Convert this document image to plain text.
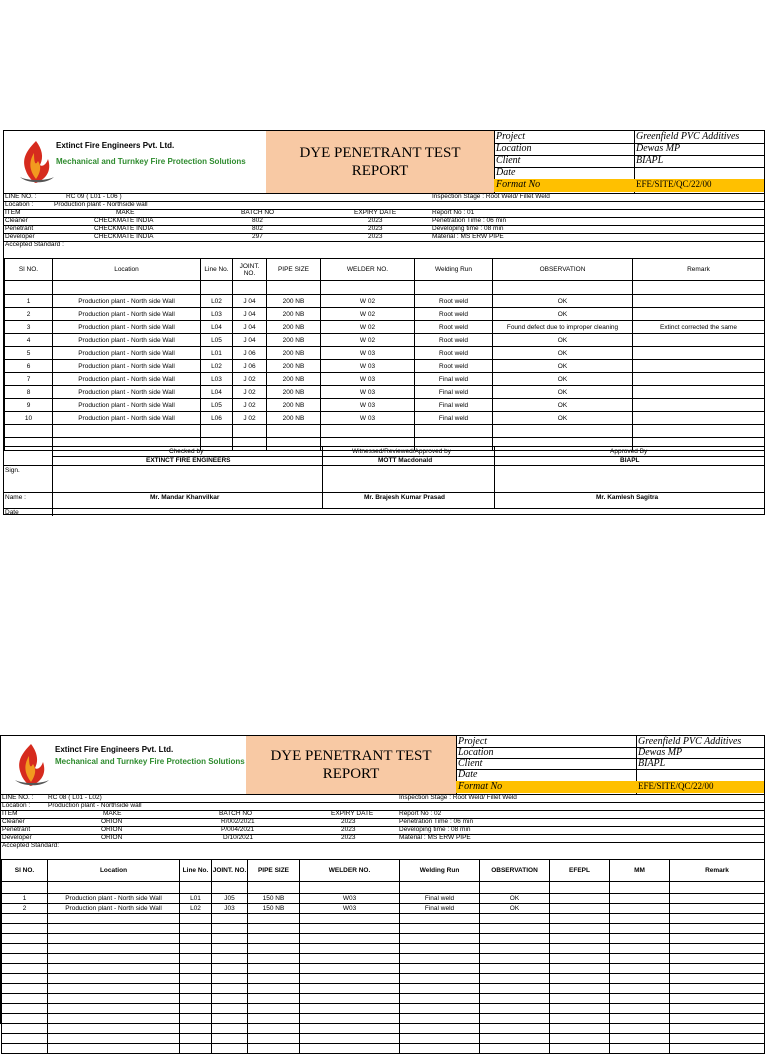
Extinct Fire Engineers Pvt. Ltd.
Mechanical and Turnkey Fire Protection Solutions
DYE PENETRANT TEST
REPORT
Project	Greenfield PVC Additives
Location	Dewas MP
Client	BIAPL
Date
Format No	EFE/SITE/QC/22/00
LINE NO. :	RC 09 ( L01 - L06 )	Inspection Stage : Root Weld/ Fillet Weld
Location :	Production plant - Northside wall
ITEM	MAKE	BATCH NO	EXPIRY DATE	Report No : 01
Cleaner	CHECKMATE INDIA	802	2023	Penetration Time : 06 min
Penetrant	CHECKMATE INDIA	802	2023	Developing time : 08 min
Developer	CHECKMATE INDIA	297	2023	Material : MS ERW PIPE
Accepted Standard :
Sl NO.	Location	Line No.	JOINT. NO.	PIPE SIZE	WELDER NO.	Welding Run	OBSERVATION	Remark

1	Production plant - North side Wall	L02	J 04	200 NB	W 02	Root weld	OK	
2	Production plant - North side Wall	L03	J 04	200 NB	W 02	Root weld	OK	
3	Production plant - North side Wall	L04	J 04	200 NB	W 02	Root weld	Found defect due to improper cleaning	Extinct corrected the same
4	Production plant - North side Wall	L05	J 04	200 NB	W 02	Root weld	OK	
5	Production plant - North side Wall	L01	J 06	200 NB	W 03	Root weld	OK	
6	Production plant - North side Wall	L02	J 06	200 NB	W 03	Root weld	OK	
7	Production plant - North side Wall	L03	J 02	200 NB	W 03	Final weld	OK	
8	Production plant - North side Wall	L04	J 02	200 NB	W 03	Final weld	OK	
9	Production plant - North side Wall	L05	J 02	200 NB	W 03	Final weld	OK	
10	Production plant - North side Wall	L06	J 02	200 NB	W 03	Final weld	OK	

Checked by	Witnessed/Reviewed/Approved by	Approved By
EXTINCT FIRE ENGINEERS	MOTT Macdonald	BIAPL
Sign.
Name :	Mr. Mandar Khanvilkar	Mr. Brajesh Kumar Prasad	Mr. Kamlesh Sagitra
Date
Extinct Fire Engineers Pvt. Ltd.
Mechanical and Turnkey Fire Protection Solutions DYE PENETRANT TEST
REPORT
Project	Greenfield PVC Additives
Location	Dewas MP
Client	BIAPL
Date
Format No	EFE/SITE/QC/22/00
LINE NO. : RC 08 ( L01 - L02)	Inspection Stage : Root Weld/ Fillet Weld
Location :	Production plant - Northside wall
ITEM	MAKE	BATCH NO	EXPIRY DATE	Report No : 02
Cleaner	ORION	R/002/2021	2023	Penetration Time : 06 min
Penetrant	ORION	P/004/2021	2023	Developing time : 08 min
Developer	ORION	D/10/2021	2023	Material : MS ERW PIPE
Accepted Standard:
Sl NO.	Location	Line No.	JOINT. NO.	PIPE SIZE	WELDER NO.	Welding Run	OBSERVATION	EFEPL	MM	Remark

1	Production plant - North side Wall	L01	J05	150 NB	W03	Final weld	OK			
2	Production plant - North side Wall	L02	J03	150 NB	W03	Final weld	OK			
